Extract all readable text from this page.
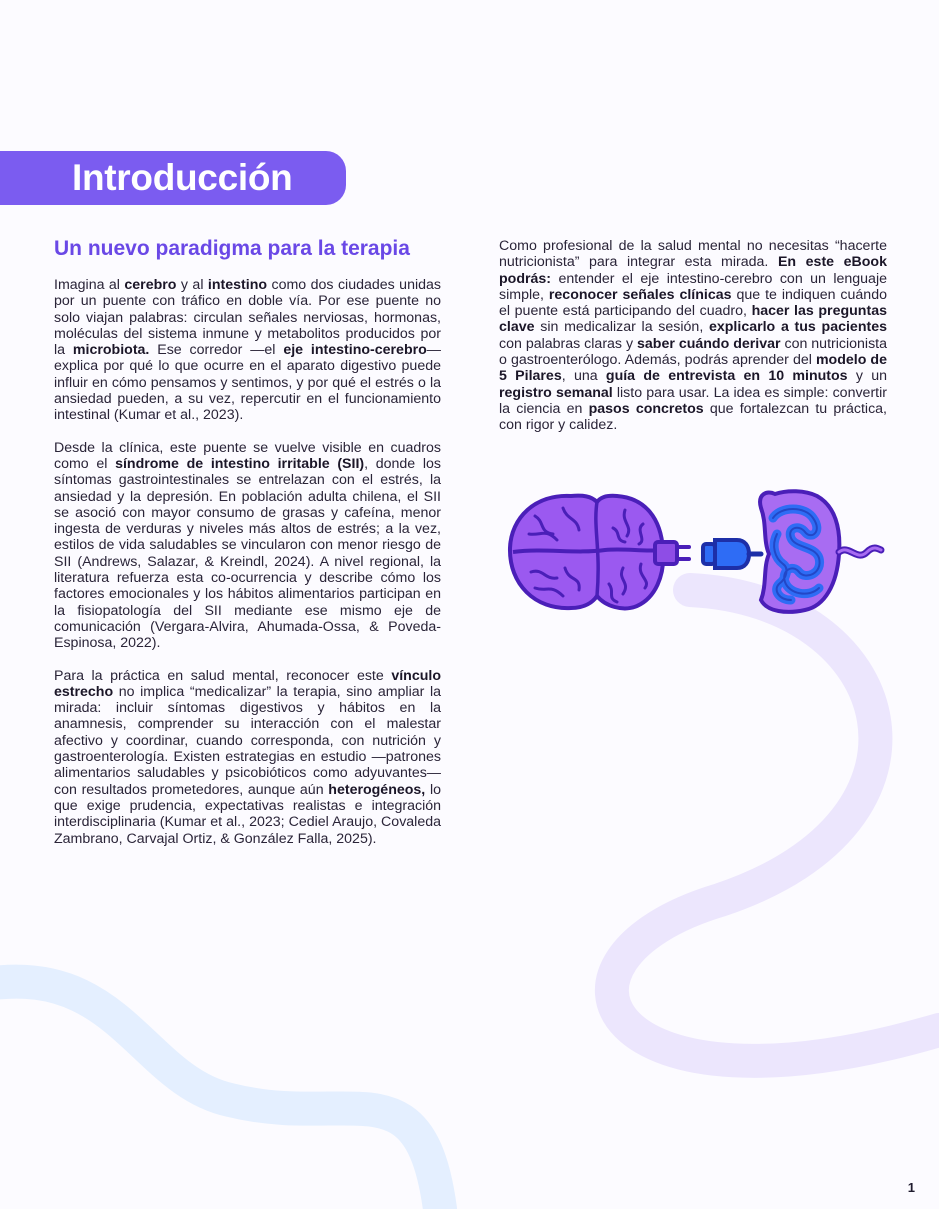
Introducción
Un nuevo paradigma para la terapia

Imagina al cerebro y al intestino como dos ciudades unidas por un puente con tráfico en doble vía. Por ese puente no solo viajan palabras: circulan señales nerviosas, hormonas, moléculas del sistema inmune y metabolitos producidos por la microbiota. Ese corredor —el eje intestino-cerebro— explica por qué lo que ocurre en el aparato digestivo puede influir en cómo pensamos y sentimos, y por qué el estrés o la ansiedad pueden, a su vez, repercutir en el funcionamiento intestinal (Kumar et al., 2023).

Desde la clínica, este puente se vuelve visible en cuadros como el síndrome de intestino irritable (SII), donde los síntomas gastrointestinales se entrelazan con el estrés, la ansiedad y la depresión. En población adulta chilena, el SII se asoció con mayor consumo de grasas y cafeína, menor ingesta de verduras y niveles más altos de estrés; a la vez, estilos de vida saludables se vincularon con menor riesgo de SII (Andrews, Salazar, & Kreindl, 2024). A nivel regional, la literatura refuerza esta co-ocurrencia y describe cómo los factores emocionales y los hábitos alimentarios participan en la fisiopatología del SII mediante ese mismo eje de comunicación (Vergara-Alvira, Ahumada-Ossa, & Poveda-Espinosa, 2022).

Para la práctica en salud mental, reconocer este vínculo estrecho no implica “medicalizar” la terapia, sino ampliar la mirada: incluir síntomas digestivos y hábitos en la anamnesis, comprender su interacción con el malestar afectivo y coordinar, cuando corresponda, con nutrición y gastroenterología. Existen estrategias en estudio —patrones alimentarios saludables y psicobióticos como adyuvantes— con resultados prometedores, aunque aún heterogéneos, lo que exige prudencia, expectativas realistas e integración interdisciplinaria (Kumar et al., 2023; Cediel Araujo, Covaleda Zambrano, Carvajal Ortiz, & González Falla, 2025).

Como profesional de la salud mental no necesitas “hacerte nutricionista” para integrar esta mirada. En este eBook podrás: entender el eje intestino-cerebro con un lenguaje simple, reconocer señales clínicas que te indiquen cuándo el puente está participando del cuadro, hacer las preguntas clave sin medicalizar la sesión, explicarlo a tus pacientes con palabras claras y saber cuándo derivar con nutricionista o gastroenterólogo. Además, podrás aprender del modelo de 5 Pilares, una guía de entrevista en 10 minutos y un registro semanal listo para usar. La idea es simple: convertir la ciencia en pasos concretos que fortalezcan tu práctica, con rigor y calidez.

1
